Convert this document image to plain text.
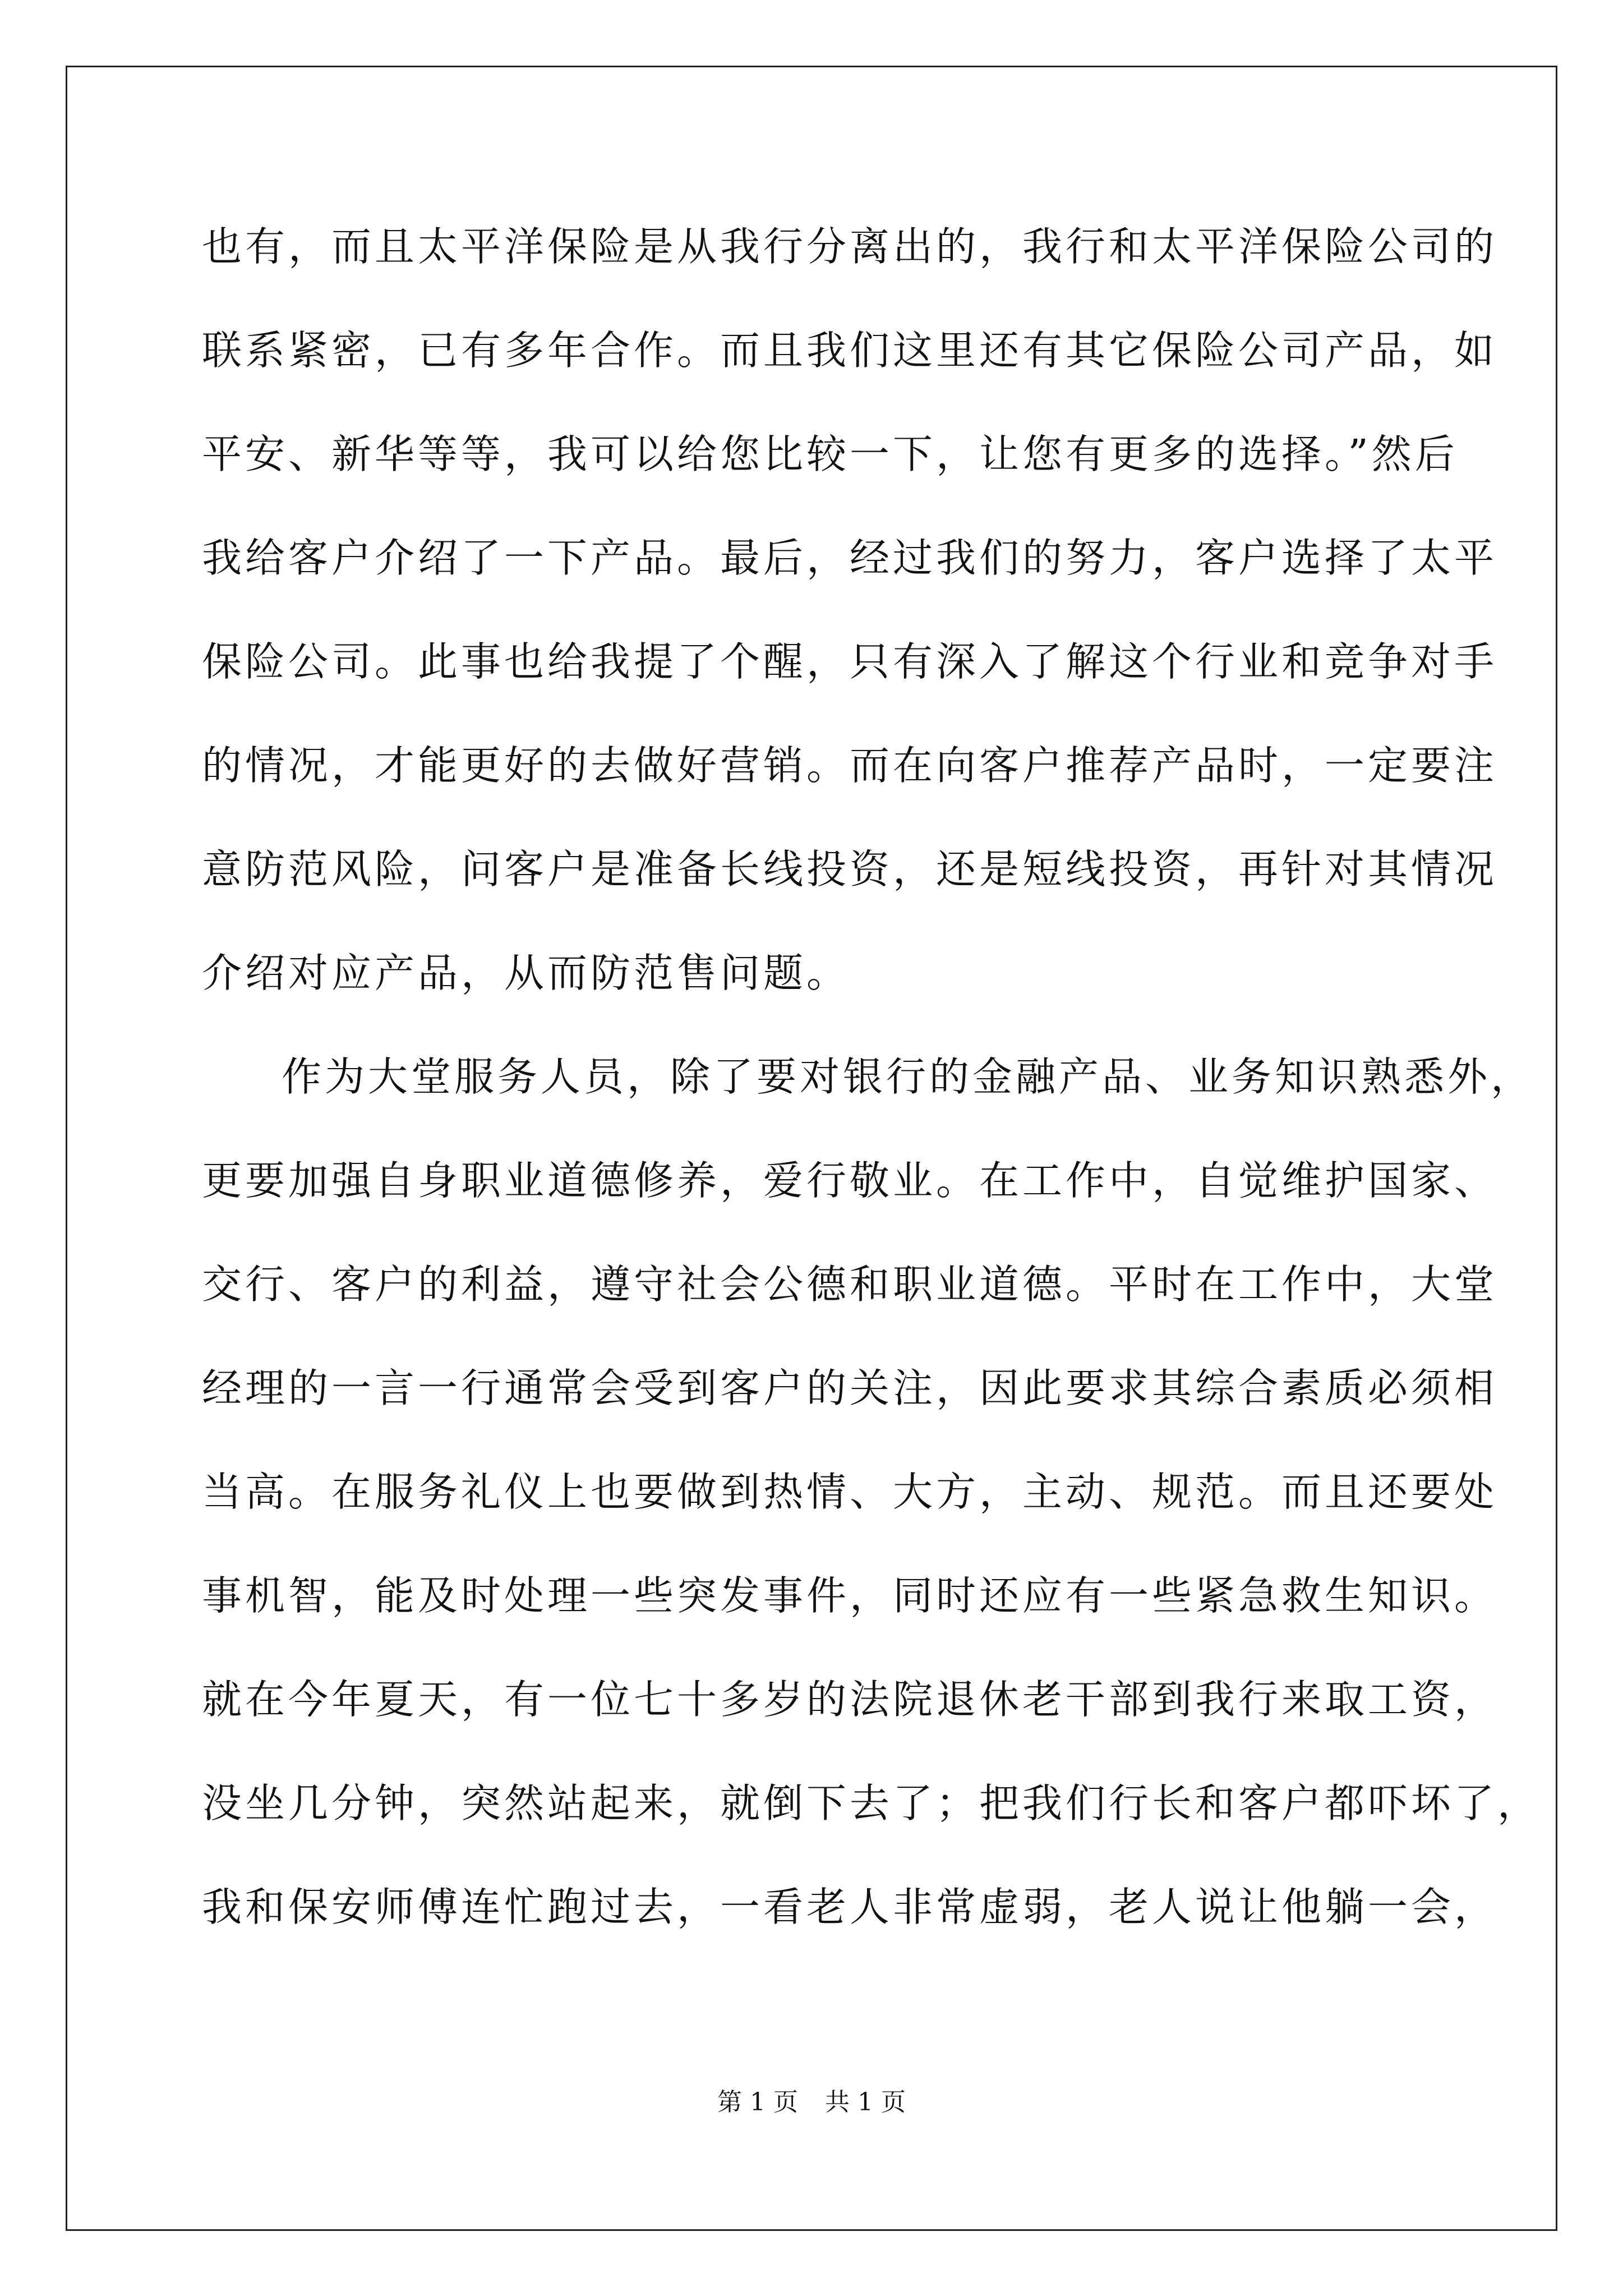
也有，而且太平洋保险是从我行分离出的，我行和太平洋保险公司的
联系紧密，已有多年合作。而且我们这里还有其它保险公司产品，如
平安、新华等等，我可以给您比较一下，让您有更多的选择。”然后
我给客户介绍了一下产品。最后，经过我们的努力，客户选择了太平
保险公司。此事也给我提了个醒，只有深入了解这个行业和竞争对手
的情况，才能更好的去做好营销。而在向客户推荐产品时，一定要注
意防范风险，问客户是准备长线投资，还是短线投资，再针对其情况
介绍对应产品，从而防范售问题。
作为大堂服务人员，除了要对银行的金融产品、业务知识熟悉外，
更要加强自身职业道德修养，爱行敬业。在工作中，自觉维护国家、
交行、客户的利益，遵守社会公德和职业道德。平时在工作中，大堂
经理的一言一行通常会受到客户的关注，因此要求其综合素质必须相
当高。在服务礼仪上也要做到热情、大方，主动、规范。而且还要处
事机智，能及时处理一些突发事件，同时还应有一些紧急救生知识。
就在今年夏天，有一位七十多岁的法院退休老干部到我行来取工资，
没坐几分钟，突然站起来，就倒下去了；把我们行长和客户都吓坏了，
我和保安师傅连忙跑过去，一看老人非常虚弱，老人说让他躺一会，
第 1 页 共 1 页
